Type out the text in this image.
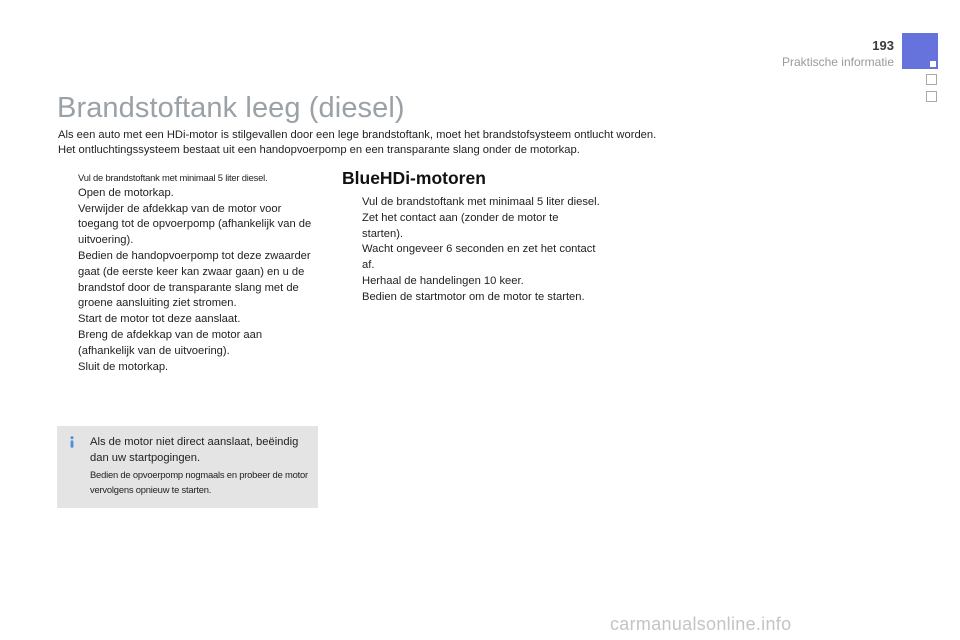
193
Praktische informatie
Brandstoftank leeg (diesel)
Als een auto met een HDi-motor is stilgevallen door een lege brandstoftank, moet het brandstofsysteem ontlucht worden.
Het ontluchtingssysteem bestaat uit een handopvoerpomp en een transparante slang onder de motorkap.
Vul de brandstoftank met minimaal 5 liter diesel.
Open de motorkap.
Verwijder de afdekkap van de motor voor toegang tot de opvoerpomp (afhankelijk van de uitvoering).
Bedien de handopvoerpomp tot deze zwaarder gaat (de eerste keer kan zwaar gaan) en u de brandstof door de transparante slang met de groene aansluiting ziet stromen.
Start de motor tot deze aanslaat.
Breng de afdekkap van de motor aan (afhankelijk van de uitvoering).
Sluit de motorkap.
BlueHDi-motoren
Vul de brandstoftank met minimaal 5 liter diesel.
Zet het contact aan (zonder de motor te starten).
Wacht ongeveer 6 seconden en zet het contact af.
Herhaal de handelingen 10 keer.
Bedien de startmotor om de motor te starten.
Als de motor niet direct aanslaat, beëindig dan uw startpogingen.
Bedien de opvoerpomp nogmaals en probeer de motor vervolgens opnieuw te starten.
carmanualsonline.info
